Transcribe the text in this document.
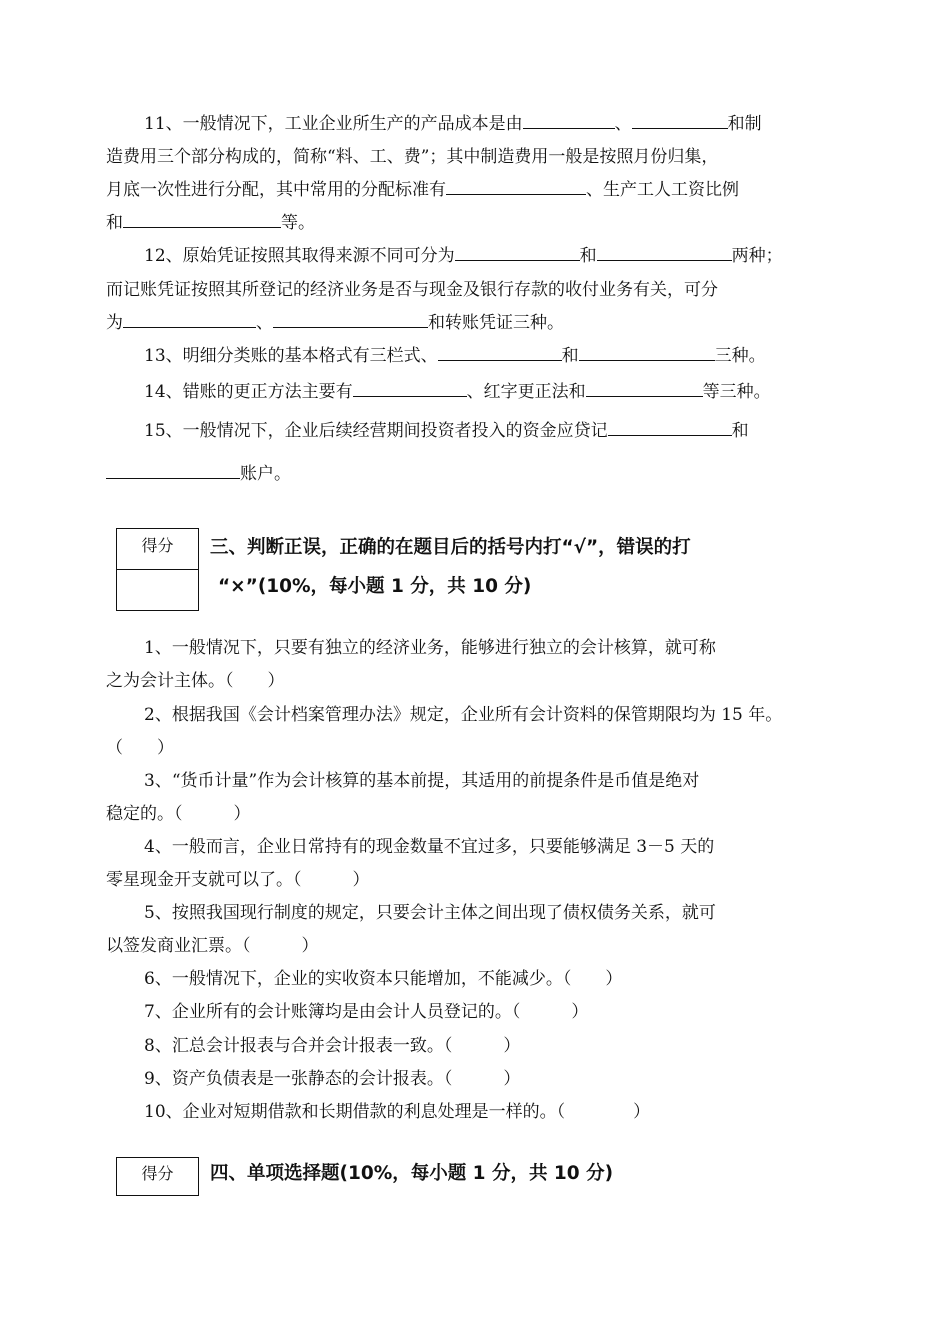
11、一般情况下，工业企业所生产的产品成本是由	、	和制
造费用三个部分构成的，简称“料、工、费”；其中制造费用一般是按照月份归集，
月底一次性进行分配，其中常用的分配标准有	、生产工人工资比例
和	等。
12、原始凭证按照其取得来源不同可分为	和	两种；
而记账凭证按照其所登记的经济业务是否与现金及银行存款的收付业务有关，可分
为	、	和转账凭证三种。
13、明细分类账的基本格式有三栏式、	和	三种。
14、错账的更正方法主要有	、红字更正法和	等三种。
15、一般情况下，企业后续经营期间投资者投入的资金应贷记	和
账户。
得分	三、判断正误，正确的在题目后的括号内打“√”，错误的打
“×”(10%，每小题 1 分，共 10 分)
1、一般情况下，只要有独立的经济业务，能够进行独立的会计核算，就可称
之为会计主体。（　　）
2、根据我国《会计档案管理办法》规定，企业所有会计资料的保管期限均为 15 年。
（　　）
3、“货币计量”作为会计核算的基本前提，其适用的前提条件是币值是绝对
稳定的。（　　　）
4、一般而言，企业日常持有的现金数量不宜过多，只要能够满足 3－5 天的
零星现金开支就可以了。（　　　）
5、按照我国现行制度的规定，只要会计主体之间出现了债权债务关系，就可
以签发商业汇票。（　　　）
6、一般情况下，企业的实收资本只能增加，不能减少。（　　）
7、企业所有的会计账簿均是由会计人员登记的。（　　　）
8、汇总会计报表与合并会计报表一致。（　　　）
9、资产负债表是一张静态的会计报表。（　　　）
10、企业对短期借款和长期借款的利息处理是一样的。（　　　　）
得分	四、单项选择题(10%，每小题 1 分，共 10 分)
